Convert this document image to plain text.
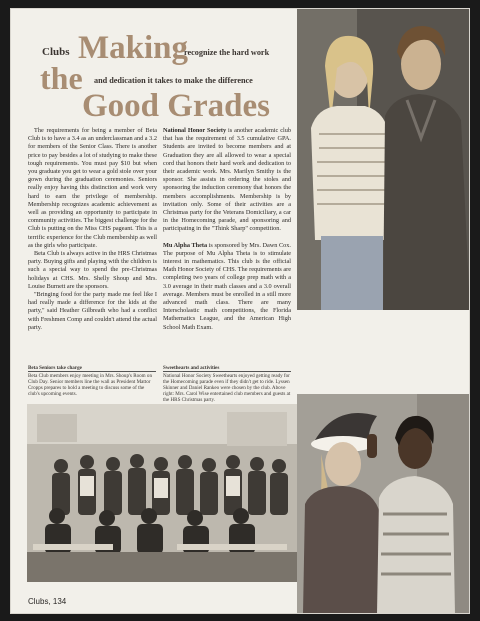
Clubs Making
recognize the hard work
the and dedication it takes to make the difference
Good Grades

The requirements for being a member of Beta Club is to have a 3.4 as an underclassman and a 3.2 for members of the Senior Class. There is another price to pay besides a lot of studying to make these tough requirements. You must pay $10 but when you graduate you get to wear a gold stole over your gown during the graduation ceremonies. Seniors really enjoy having this distinction and work very hard to earn the privilege of membership. Membership recognizes academic achievement as well as providing an opportunity to participate in community activities. The biggest challenge for the Club is putting on the Miss CHS pageant. This is a terrific experience for the Club membership as well as the girls who participate.

Beta Club is always active in the HRS Christmas party. Buying gifts and playing with the children is such a special way to spend the pre-Christmas holidays at CHS. Mrs. Shelly Shoup and Mrs. Louise Burnett are the sponsors.

"Bringing food for the party made me feel like I had really made a difference for the kids at the party," said Heather Gilbreath who had a conflict with Freshmen Comp and couldn't attend the actual party.

National Honor Society is another academic club that has the requirement of 3.5 cumulative GPA. Students are invited to become members and at Graduation they are all allowed to wear a special cord that honors their hard work and dedication to their academic work. Mrs. Marilyn Smithy is the sponsor. She assists in ordering the stoles and sponsoring the induction ceremony that honors the members accomplishments. Membership is by invitation only. Some of their activities are a Christmas party for the Veterans Domiciliary, a car in the Homecoming parade, and sponsoring and participating in the "Think Sharp" competition.

Mu Alpha Theta is sponsored by Mrs. Dawn Cox. The purpose of Mu Alpha Theta is to stimulate interest in mathematics. This club is the official Math Honor Society of CHS. The requirements are completing two years of college prep math with a 3.0 average in their math classes and a 3.0 overall average. Members must be enrolled in a still more advanced math class. There are many Interscholastic math competitions, the Florida Mathematics League, and the American High School Math Exam.

Beta Seniors take charge
Beta Club members enjoy meeting in Mrs. Shoup's Room on Club Day. Senior members line the wall as President Mattor Cropps prepares to hold a meeting to discuss some of the club's upcoming events.
Sweethearts and activities
National Honor Society Sweethearts enjoyed getting ready for the Homecoming parade even if they didn't get to ride. Lyssen Skinner and Daniel Rankeo were chosen by the club. Above right: Mrs. Carol Wise entertained club members and guests at the HRS Christmas party.
Clubs, 134
